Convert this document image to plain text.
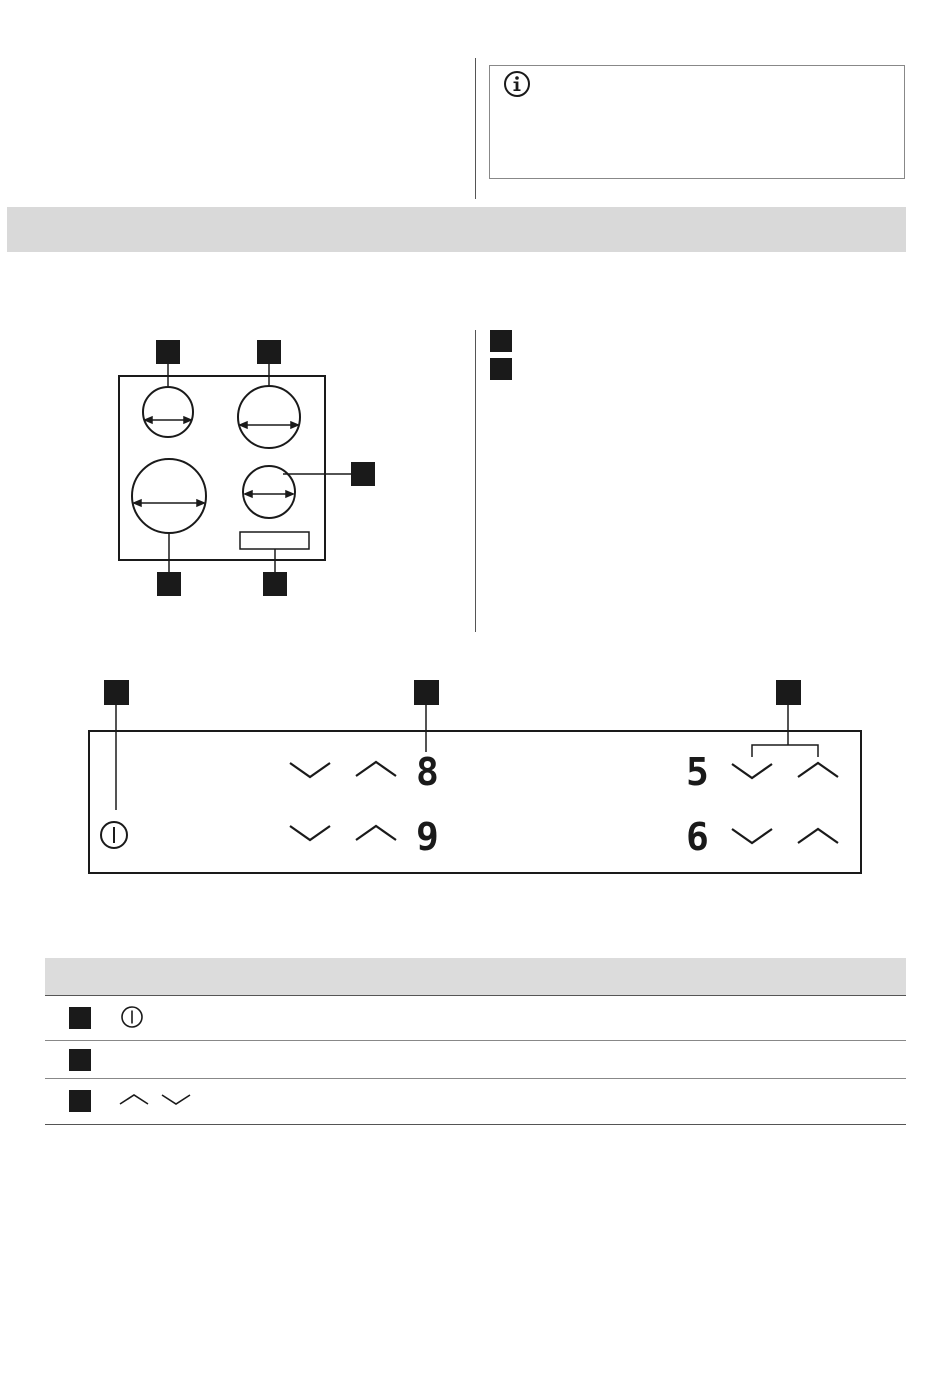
8
9
5
6
